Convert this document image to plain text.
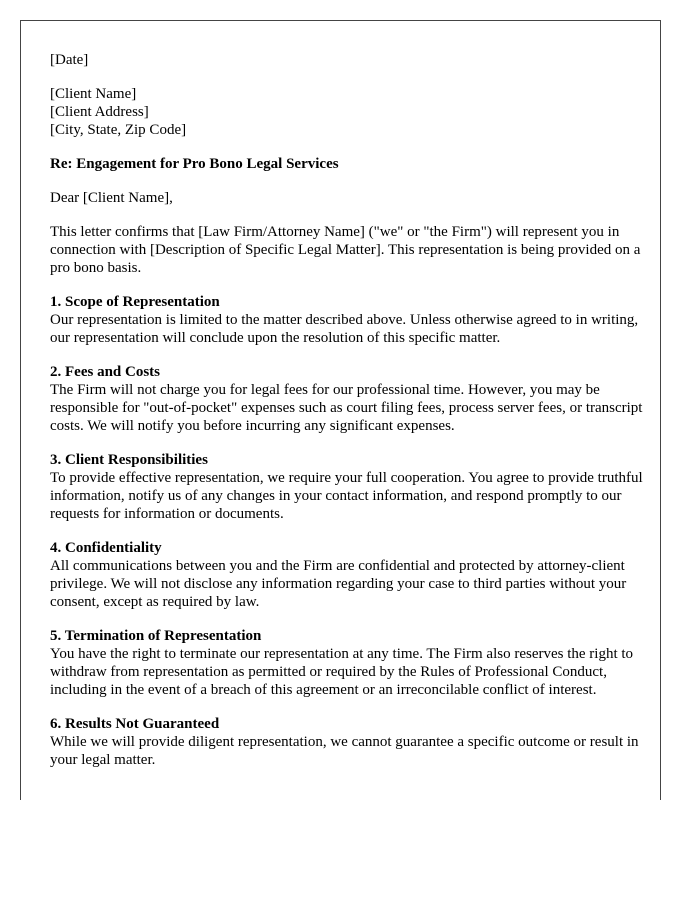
[Date]
[Client Name]
[Client Address]
[City, State, Zip Code]
Re: Engagement for Pro Bono Legal Services
Dear [Client Name],

This letter confirms that [Law Firm/Attorney Name] ("we" or "the Firm") will represent you in connection with [Description of Specific Legal Matter]. This representation is being provided on a pro bono basis.

1. Scope of Representation
Our representation is limited to the matter described above. Unless otherwise agreed to in writing, our representation will conclude upon the resolution of this specific matter.
2. Fees and Costs
The Firm will not charge you for legal fees for our professional time. However, you may be responsible for "out-of-pocket" expenses such as court filing fees, process server fees, or transcript costs. We will notify you before incurring any significant expenses.
3. Client Responsibilities
To provide effective representation, we require your full cooperation. You agree to provide truthful information, notify us of any changes in your contact information, and respond promptly to our requests for information or documents.
4. Confidentiality
All communications between you and the Firm are confidential and protected by attorney-client privilege. We will not disclose any information regarding your case to third parties without your consent, except as required by law.
5. Termination of Representation
You have the right to terminate our representation at any time. The Firm also reserves the right to withdraw from representation as permitted or required by the Rules of Professional Conduct, including in the event of a breach of this agreement or an irreconcilable conflict of interest.
6. Results Not Guaranteed
While we will provide diligent representation, we cannot guarantee a specific outcome or result in your legal matter.
